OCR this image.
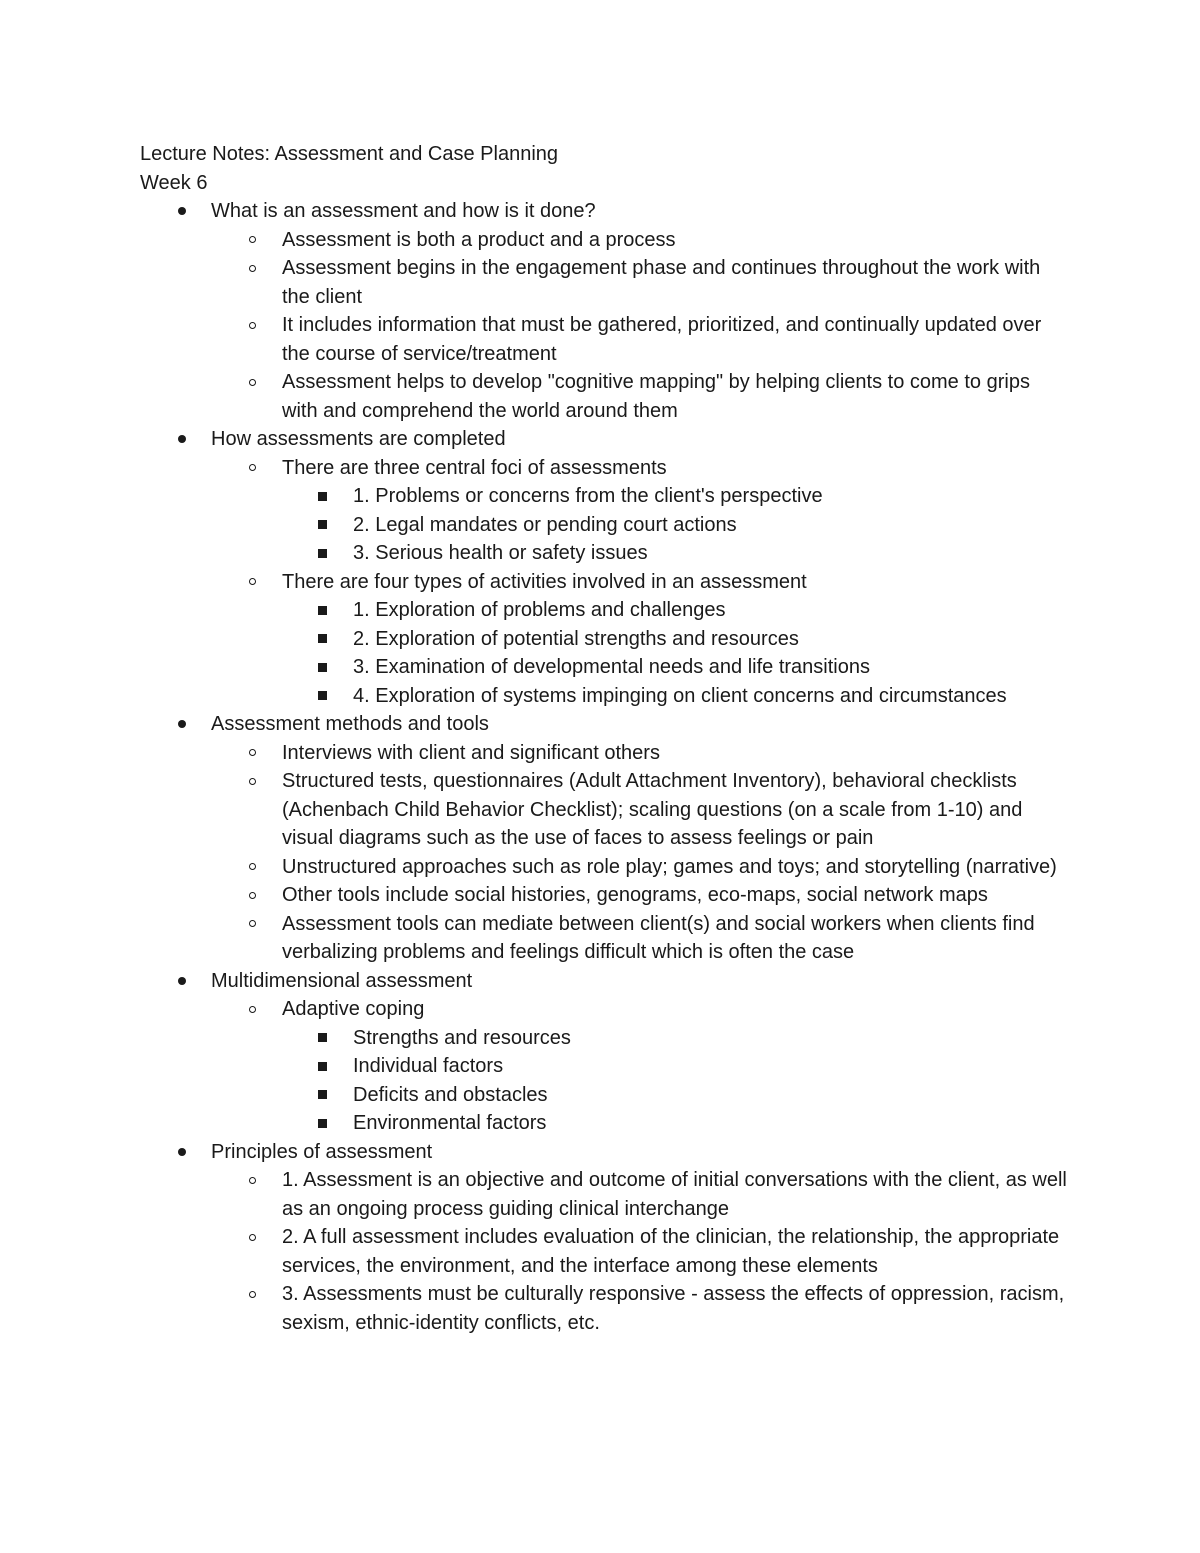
Lecture Notes: Assessment and Case Planning

Week 6

What is an assessment and how is it done?
Assessment is both a product and a process
Assessment begins in the engagement phase and continues throughout the work with the client
It includes information that must be gathered, prioritized, and continually updated over the course of service/treatment
Assessment helps to develop "cognitive mapping" by helping clients to come to grips with and comprehend the world around them
How assessments are completed
There are three central foci of assessments
1. Problems or concerns from the client's perspective
2. Legal mandates or pending court actions
3. Serious health or safety issues
There are four types of activities involved in an assessment
1. Exploration of problems and challenges
2. Exploration of potential strengths and resources
3. Examination of developmental needs and life transitions
4. Exploration of systems impinging on client concerns and circumstances
Assessment methods and tools
Interviews with client and significant others
Structured tests, questionnaires (Adult Attachment Inventory), behavioral checklists (Achenbach Child Behavior Checklist); scaling questions (on a scale from 1-10) and visual diagrams such as the use of faces to assess feelings or pain
Unstructured approaches such as role play; games and toys; and storytelling (narrative)
Other tools include social histories, genograms, eco-maps, social network maps
Assessment tools can mediate between client(s) and social workers when clients find verbalizing problems and feelings difficult which is often the case
Multidimensional assessment
Adaptive coping
Strengths and resources
Individual factors
Deficits and obstacles
Environmental factors
Principles of assessment
1. Assessment is an objective and outcome of initial conversations with the client, as well as an ongoing process guiding clinical interchange
2. A full assessment includes evaluation of the clinician, the relationship, the appropriate services, the environment, and the interface among these elements
3. Assessments must be culturally responsive - assess the effects of oppression, racism, sexism, ethnic-identity conflicts, etc.
